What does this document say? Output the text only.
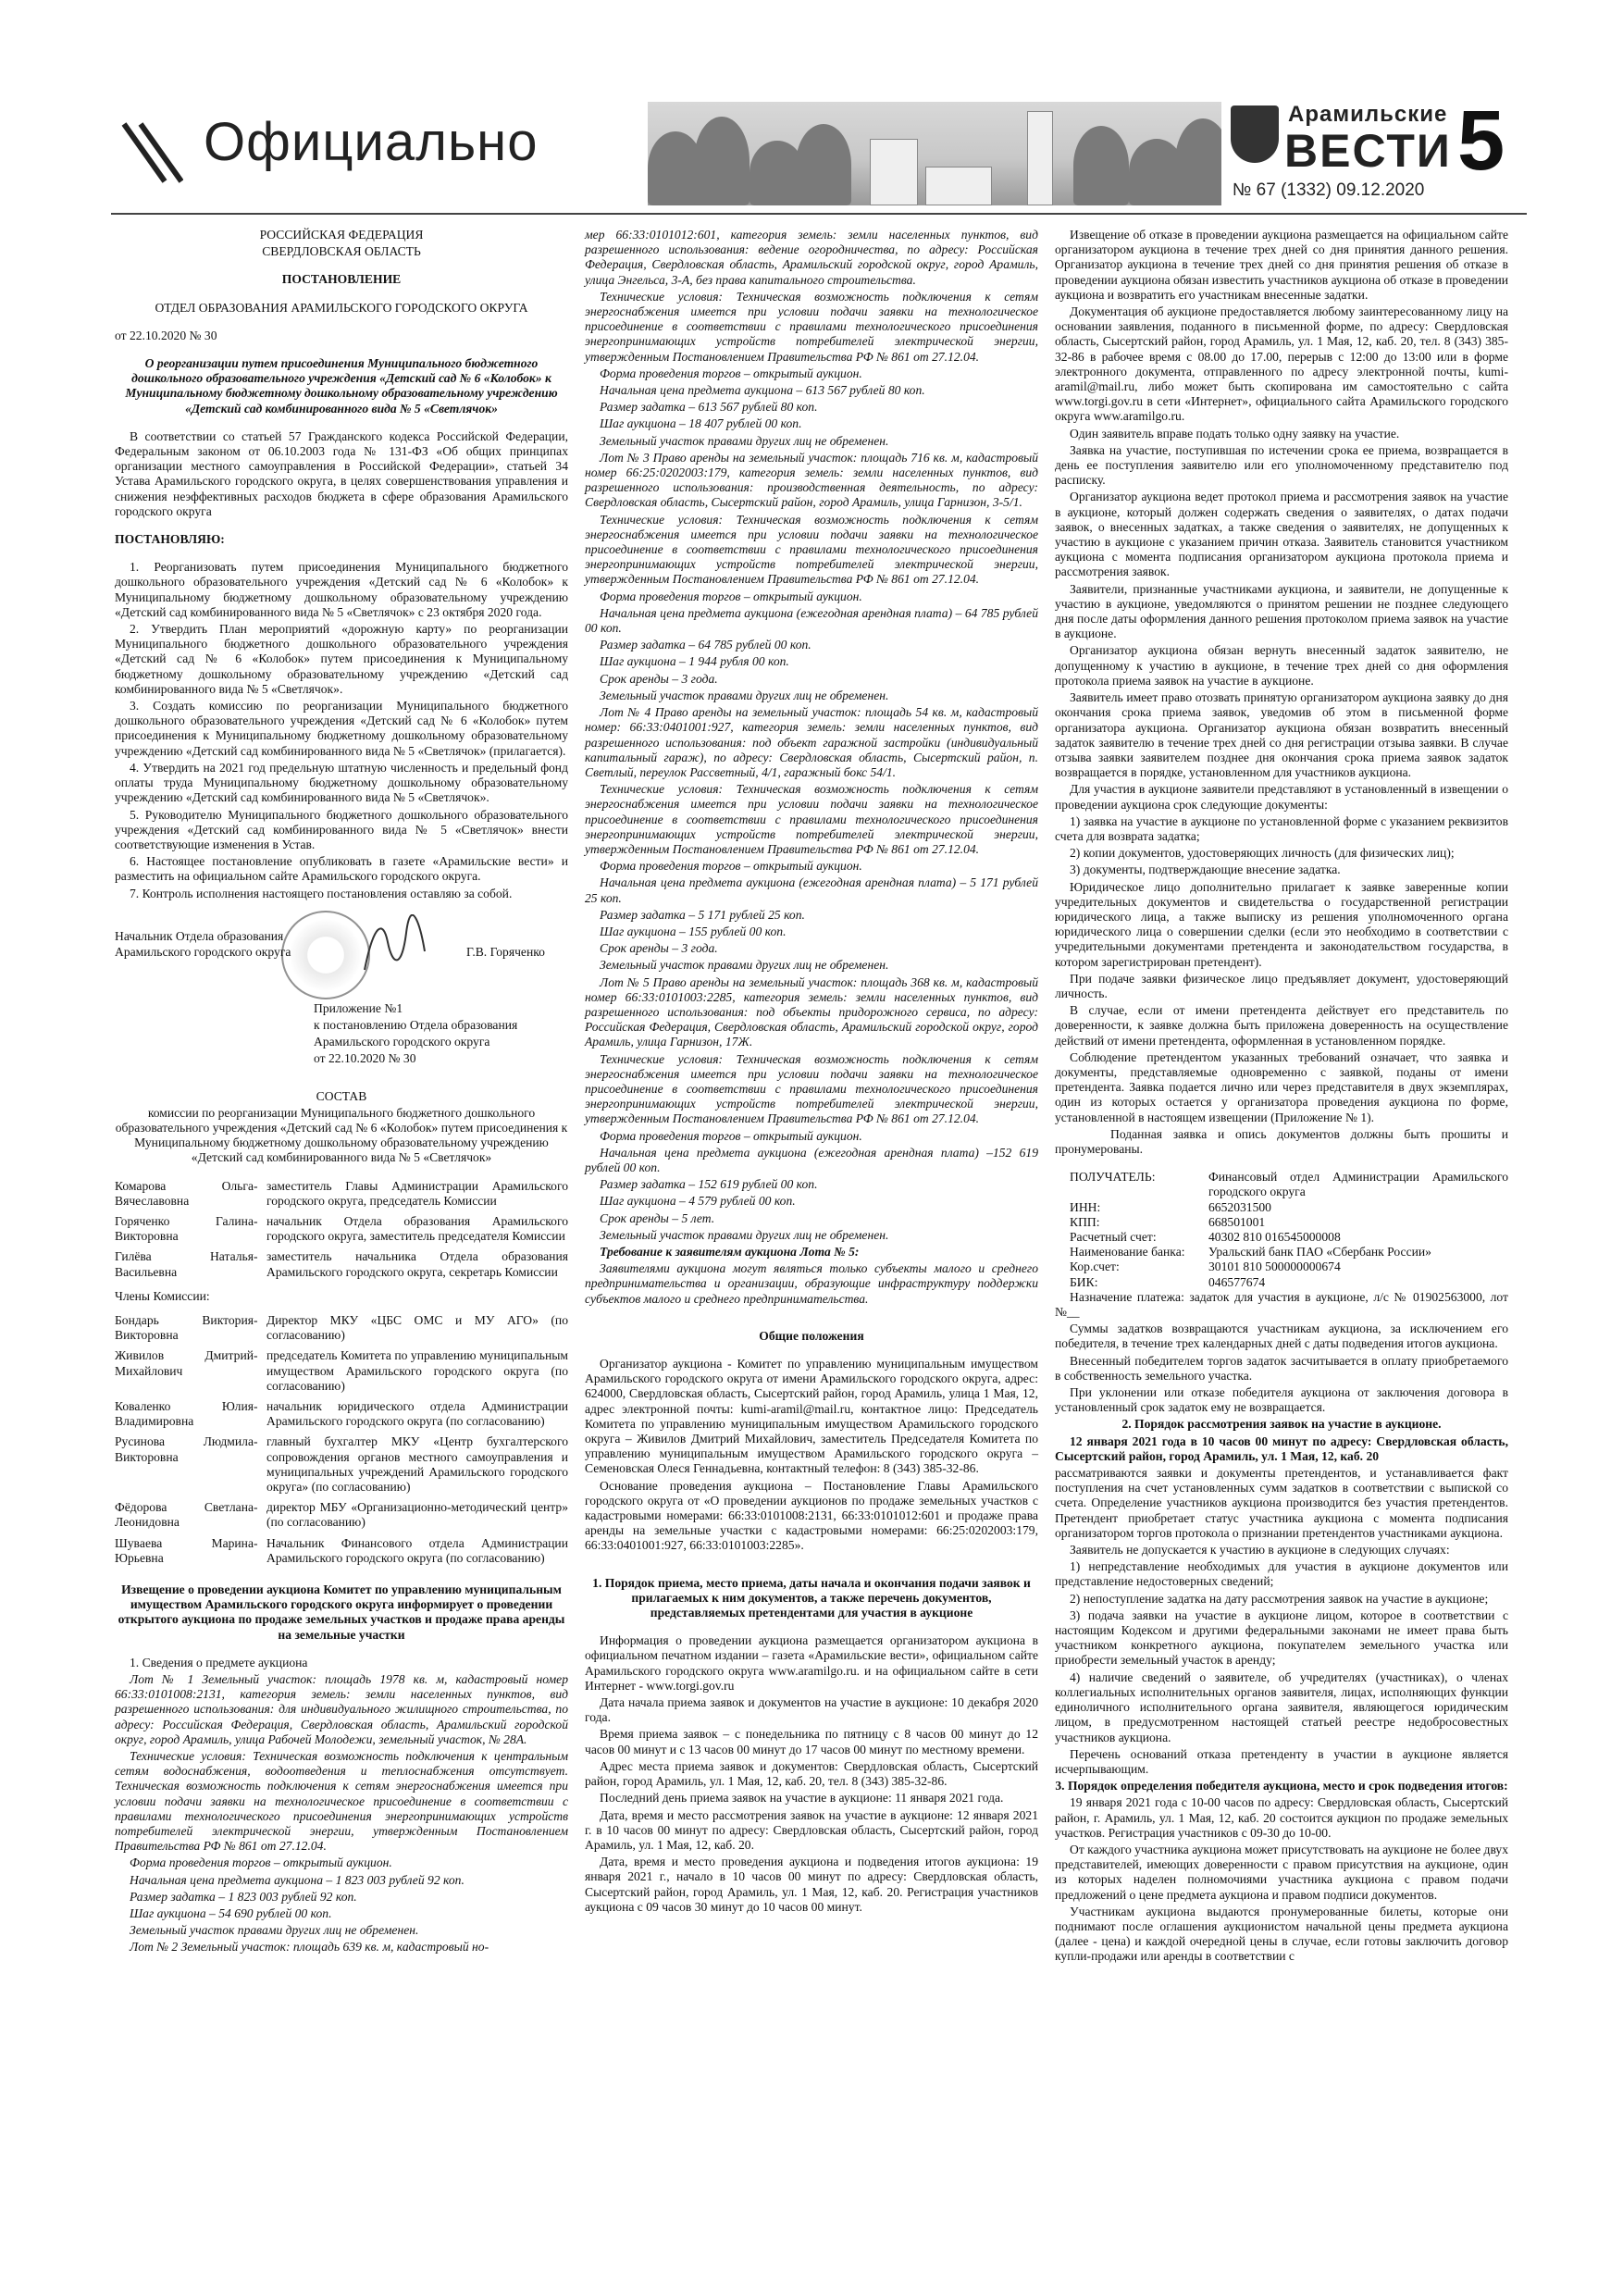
Официально	Арамильские
ВЕСТИ
№ 67 (1332) 09.12.2020
5

РОССИЙСКАЯ ФЕДЕРАЦИЯ

СВЕРДЛОВСКАЯ ОБЛАСТЬ

ПОСТАНОВЛЕНИЕ

ОТДЕЛ ОБРАЗОВАНИЯ АРАМИЛЬСКОГО ГОРОДСКОГО ОКРУГА

от 22.10.2020 № 30

О реорганизации путем присоединения Муниципального бюджетного дошкольного образовательного учреждения «Детский сад № 6 «Колобок» к Муниципальному бюджетному дошкольному образовательному учреждению «Детский сад комбинированного вида № 5 «Светлячок»

В соответствии со статьей 57 Гражданского кодекса Российской Федерации, Федеральным законом от 06.10.2003 года № 131-ФЗ «Об общих принципах организации местного самоуправления в Российской Федерации», статьей 34 Устава Арамильского городского округа, в целях совершенствования управления и снижения неэффективных расходов бюджета в сфере образования Арамильского городского округа

ПОСТАНОВЛЯЮ:

1. Реорганизовать путем присоединения Муниципального бюджетного дошкольного образовательного учреждения «Детский сад № 6 «Колобок» к Муниципальному бюджетному дошкольному образовательному учреждению «Детский сад комбинированного вида № 5 «Светлячок» с 23 октября 2020 года.

2. Утвердить План мероприятий «дорожную карту» по реорганизации Муниципального бюджетного дошкольного образовательного учреждения «Детский сад № 6 «Колобок» путем присоединения к Муниципальному бюджетному дошкольному образовательному учреждению «Детский сад комбинированного вида № 5 «Светлячок».

3. Создать комиссию по реорганизации Муниципального бюджетного дошкольного образовательного учреждения «Детский сад № 6 «Колобок» путем присоединения к Муниципальному бюджетному дошкольному образовательному учреждению «Детский сад комбинированного вида № 5 «Светлячок» (прилагается).

4. Утвердить на 2021 год предельную штатную численность и предельный фонд оплаты труда Муниципальному бюджетному дошкольному образовательному учреждению «Детский сад комбинированного вида № 5 «Светлячок».

5. Руководителю Муниципального бюджетного дошкольного образовательного учреждения «Детский сад комбинированного вида № 5 «Светлячок» внести соответствующие изменения в Устав.

6. Настоящее постановление опубликовать в газете «Арамильские вести» и разместить на официальном сайте Арамильского городского округа.

7. Контроль исполнения настоящего постановления оставляю за собой.

Начальник Отдела образования

Арамильского городского округа	Г.В. Горяченко

Приложение №1

к постановлению Отдела образования

Арамильского городского округа

от 22.10.2020 № 30

СОСТАВ

комиссии по реорганизации Муниципального бюджетного дошкольного образовательного учреждения «Детский сад № 6 «Колобок» путем присоединения к Муниципальному бюджетному дошкольному образовательному учреждению «Детский сад комбинированного вида № 5 «Светлячок»

Комарова Ольга Вячеславовна	-	заместитель Главы Администрации Арамильского городского округа, председатель Комиссии
Горяченко Галина Викторовна	-	начальник Отдела образования Арамильского городского округа, заместитель председателя Комиссии
Гилёва Наталья Васильевна	-	заместитель начальника Отдела образования Арамильского городского округа, секретарь Комиссии
Члены Комиссии:		
Бондарь Виктория Викторовна	-	Директор МКУ «ЦБС ОМС и МУ АГО» (по согласованию)
Живилов Дмитрий Михайлович	-	председатель Комитета по управлению муниципальным имуществом Арамильского городского округа (по согласованию)
Коваленко Юлия Владимировна	-	начальник юридического отдела Администрации Арамильского городского округа (по согласованию)
Русинова Людмила Викторовна	-	главный бухгалтер МКУ «Центр бухгалтерского сопровождения органов местного самоуправления и муниципальных учреждений Арамильского городского округа» (по согласованию)
Фёдорова Светлана Леонидовна	-	директор МБУ «Организационно-методический центр» (по согласованию)
Шувaeва Марина Юрьевна	-	Начальник Финансового отдела Администрации Арамильского городского округа (по согласованию)

Извещение о проведении аукциона Комитет по управлению муниципальным имуществом Арамильского городского округа информирует о проведении открытого аукциона по продаже земельных участков и продаже права аренды на земельные участки

1. Сведения о предмете аукциона

Лот № 1 Земельный участок: площадь 1978 кв. м, кадастровый номер 66:33:0101008:2131, категория земель: земли населенных пунктов, вид разрешенного использования: для индивидуального жилищного строительства, по адресу: Российская Федерация, Свердловская область, Арамильский городской округ, город Арамиль, улица Рабочей Молодежи, земельный участок, № 28А.

Технические условия: Техническая возможность подключения к центральным сетям водоснабжения, водоотведения и теплоснабжения отсутствует. Техническая возможность подключения к сетям энергоснабжения имеется при условии подачи заявки на технологическое присоединение в соответствии с правилами технологического присоединения энергопринимающих устройств потребителей электрической энергии, утвержденным Постановлением Правительства РФ № 861 от 27.12.04.

Форма проведения торгов – открытый аукцион.

Начальная цена предмета аукциона – 1 823 003 рублей 92 коп.

Размер задатка – 1 823 003 рублей 92 коп.

Шаг аукциона – 54 690 рублей 00 коп.

Земельный участок правами других лиц не обременен.

Лот № 2 Земельный участок: площадь 639 кв. м, кадастровый но-

мер 66:33:0101012:601, категория земель: земли населенных пунктов, вид разрешенного использования: ведение огородничества, по адресу: Российская Федерация, Свердловская область, Арамильский городской округ, город Арамиль, улица Энгельса, 3-А, без права капитального строительства.

Технические условия: Техническая возможность подключения к сетям энергоснабжения имеется при условии подачи заявки на технологическое присоединение в соответствии с правилами технологического присоединения энергопринимающих устройств потребителей электрической энергии, утвержденным Постановлением Правительства РФ № 861 от 27.12.04.

Форма проведения торгов – открытый аукцион.

Начальная цена предмета аукциона – 613 567 рублей 80 коп.

Размер задатка – 613 567 рублей 80 коп.

Шаг аукциона – 18 407 рублей 00 коп.

Земельный участок правами других лиц не обременен.

Лот № 3 Право аренды на земельный участок: площадь 716 кв. м, кадастровый номер 66:25:0202003:179, категория земель: земли населенных пунктов, вид разрешенного использования: производственная деятельность, по адресу: Свердловская область, Сысертский район, город Арамиль, улица Гарнизон, 3-5/1.

Технические условия: Техническая возможность подключения к сетям энергоснабжения имеется при условии подачи заявки на технологическое присоединение в соответствии с правилами технологического присоединения энергопринимающих устройств потребителей электрической энергии, утвержденным Постановлением Правительства РФ № 861 от 27.12.04.

Форма проведения торгов – открытый аукцион.

Начальная цена предмета аукциона (ежегодная арендная плата) – 64 785 рублей 00 коп.

Размер задатка – 64 785 рублей 00 коп.

Шаг аукциона – 1 944 рубля 00 коп.

Срок аренды – 3 года.

Земельный участок правами других лиц не обременен.

Лот № 4 Право аренды на земельный участок: площадь 54 кв. м, кадастровый номер: 66:33:0401001:927, категория земель: земли населенных пунктов, вид разрешенного использования: под объект гаражной застройки (индивидуальный капитальный гараж), по адресу: Свердловская область, Сысертский район, п. Светлый, переулок Рассветный, 4/1, гаражный бокс 54/1.

Технические условия: Техническая возможность подключения к сетям энергоснабжения имеется при условии подачи заявки на технологическое присоединение в соответствии с правилами технологического присоединения энергопринимающих устройств потребителей электрической энергии, утвержденным Постановлением Правительства РФ № 861 от 27.12.04.

Форма проведения торгов – открытый аукцион.

Начальная цена предмета аукциона (ежегодная арендная плата) – 5 171 рублей 25 коп.

Размер задатка – 5 171 рублей 25 коп.

Шаг аукциона – 155 рублей 00 коп.

Срок аренды – 3 года.

Земельный участок правами других лиц не обременен.

Лот № 5 Право аренды на земельный участок: площадь 368 кв. м, кадастровый номер 66:33:0101003:2285, категория земель: земли населенных пунктов, вид разрешенного использования: под объекты придорожного сервиса, по адресу: Российская Федерация, Свердловская область, Арамильский городской округ, город Арамиль, улица Гарнизон, 17Ж.

Технические условия: Техническая возможность подключения к сетям энергоснабжения имеется при условии подачи заявки на технологическое присоединение в соответствии с правилами технологического присоединения энергопринимающих устройств потребителей электрической энергии, утвержденным Постановлением Правительства РФ № 861 от 27.12.04.

Форма проведения торгов – открытый аукцион.

Начальная цена предмета аукциона (ежегодная арендная плата) –152 619 рублей 00 коп.

Размер задатка – 152 619 рублей 00 коп.

Шаг аукциона – 4 579 рублей 00 коп.

Срок аренды – 5 лет.

Земельный участок правами других лиц не обременен.

Требование к заявителям аукциона Лота № 5:

Заявителями аукциона могут являться только субъекты малого и среднего предпринимательства и организации, образующие инфраструктуру поддержки субъектов малого и среднего предпринимательства.

Общие положения

Организатор аукциона - Комитет по управлению муниципальным имуществом Арамильского городского округа от имени Арамильского городского округа, адрес: 624000, Свердловская область, Сысертский район, город Арамиль, улица 1 Мая, 12, адрес электронной почты: kumi-aramil@mail.ru, контактное лицо: Председатель Комитета по управлению муниципальным имуществом Арамильского городского округа – Живилов Дмитрий Михайлович, заместитель Председателя Комитета по управлению муниципальным имуществом Арамильского городского округа – Семеновская Олеся Геннадьевна, контактный телефон: 8 (343) 385-32-86.

Основание проведения аукциона – Постановление Главы Арамильского городского округа от «О проведении аукционов по продаже земельных участков с кадастровыми номерами: 66:33:0101008:2131, 66:33:0101012:601 и продаже права аренды на земельные участки с кадастровыми номерами: 66:25:0202003:179, 66:33:0401001:927, 66:33:0101003:2285».

1. Порядок приема, место приема, даты начала и окончания подачи заявок и прилагаемых к ним документов, а также перечень документов, представляемых претендентами для участия в аукционе

Информация о проведении аукциона размещается организатором аукциона в официальном печатном издании – газета «Арамильские вести», официальном сайте Арамильского городского округа www.aramilgo.ru. и на официальном сайте в сети Интернет - www.torgi.gov.ru

Дата начала приема заявок и документов на участие в аукционе: 10 декабря 2020 года.

Время приема заявок – с понедельника по пятницу с 8 часов 00 минут до 12 часов 00 минут и с 13 часов 00 минут до 17 часов 00 минут по местному времени.

Адрес места приема заявок и документов: Свердловская область, Сысертский район, город Арамиль, ул. 1 Мая, 12, каб. 20, тел. 8 (343) 385-32-86.

Последний день приема заявок на участие в аукционе: 11 января 2021 года.

Дата, время и место рассмотрения заявок на участие в аукционе: 12 января 2021 г. в 10 часов 00 минут по адресу: Свердловская область, Сысертский район, город Арамиль, ул. 1 Мая, 12, каб. 20.

Дата, время и место проведения аукциона и подведения итогов аукциона: 19 января 2021 г., начало в 10 часов 00 минут по адресу: Свердловская область, Сысертский район, город Арамиль, ул. 1 Мая, 12, каб. 20. Регистрация участников аукциона с 09 часов 30 минут до 10 часов 00 минут.

Извещение об отказе в проведении аукциона размещается на официальном сайте организатором аукциона в течение трех дней со дня принятия данного решения. Организатор аукциона в течение трех дней со дня принятия решения об отказе в проведении аукциона обязан известить участников аукциона об отказе в проведении аукциона и возвратить его участникам внесенные задатки.

Документация об аукционе предоставляется любому заинтересованному лицу на основании заявления, поданного в письменной форме, по адресу: Свердловская область, Сысертский район, город Арамиль, ул. 1 Мая, 12, каб. 20, тел. 8 (343) 385-32-86 в рабочее время с 08.00 до 17.00, перерыв с 12:00 до 13:00 или в форме электронного документа, отправленного по адресу электронной почты, kumi-aramil@mail.ru, либо может быть скопирована им самостоятельно с сайта www.torgi.gov.ru в сети «Интернет», официального сайта Арамильского городского округа www.aramilgo.ru.

Один заявитель вправе подать только одну заявку на участие.

Заявка на участие, поступившая по истечении срока ее приема, возвращается в день ее поступления заявителю или его уполномоченному представителю под расписку.

Организатор аукциона ведет протокол приема и рассмотрения заявок на участие в аукционе, который должен содержать сведения о заявителях, о датах подачи заявок, о внесенных задатках, а также сведения о заявителях, не допущенных к участию в аукционе с указанием причин отказа. Заявитель становится участником аукциона с момента подписания организатором аукциона протокола приема и рассмотрения заявок.

Заявители, признанные участниками аукциона, и заявители, не допущенные к участию в аукционе, уведомляются о принятом решении не позднее следующего дня после даты оформления данного решения протоколом приема заявок на участие в аукционе.

Организатор аукциона обязан вернуть внесенный задаток заявителю, не допущенному к участию в аукционе, в течение трех дней со дня оформления протокола приема заявок на участие в аукционе.

Заявитель имеет право отозвать принятую организатором аукциона заявку до дня окончания срока приема заявок, уведомив об этом в письменной форме организатора аукциона. Организатор аукциона обязан возвратить внесенный задаток заявителю в течение трех дней со дня регистрации отзыва заявки. В случае отзыва заявки заявителем позднее дня окончания срока приема заявок задаток возвращается в порядке, установленном для участников аукциона.

Для участия в аукционе заявители представляют в установленный в извещении о проведении аукциона срок следующие документы:

1) заявка на участие в аукционе по установленной форме с указанием реквизитов счета для возврата задатка;

2) копии документов, удостоверяющих личность (для физических лиц);

3) документы, подтверждающие внесение задатка.

Юридическое лицо дополнительно прилагает к заявке заверенные копии учредительных документов и свидетельства о государственной регистрации юридического лица, а также выписку из решения уполномоченного органа юридического лица о совершении сделки (если это необходимо в соответствии с учредительными документами претендента и законодательством государства, в котором зарегистрирован претендент).

При подаче заявки физическое лицо предъявляет документ, удостоверяющий личность.

В случае, если от имени претендента действует его представитель по доверенности, к заявке должна быть приложена доверенность на осуществление действий от имени претендента, оформленная в установленном порядке.

Соблюдение претендентом указанных требований означает, что заявка и документы, представляемые одновременно с заявкой, поданы от имени претендента. Заявка подается лично или через представителя в двух экземплярах, один из которых остается у организатора проведения аукциона по форме, установленной в настоящем извещении (Приложение № 1).

Поданная заявка и опись документов должны быть прошиты и пронумерованы.

ПОЛУЧАТЕЛЬ:	Финансовый отдел Администрации Арамильского городского округа
ИНН:	6652031500
КПП:	668501001
Расчетный счет:	40302 810 016545000008
Наименование банка:	Уральский банк ПАО «Сбербанк России»
Кор.счет:	30101 810 500000000674
БИК:	046577674

Назначение платежа: задаток для участия в аукционе, л/с № 01902563000, лот №__

Суммы задатков возвращаются участникам аукциона, за исключением его победителя, в течение трех календарных дней с даты подведения итогов аукциона.

Внесенный победителем торгов задаток засчитывается в оплату приобретаемого в собственность земельного участка.

При уклонении или отказе победителя аукциона от заключения договора в установленный срок задаток ему не возвращается.

2. Порядок рассмотрения заявок на участие в аукционе.

12 января 2021 года в 10 часов 00 минут по адресу: Свердловская область, Сысертский район, город Арамиль, ул. 1 Мая, 12, каб. 20

рассматриваются заявки и документы претендентов, и устанавливается факт поступления на счет установленных сумм задатков в соответствии с выпиской со счета. Определение участников аукциона производится без участия претендентов. Претендент приобретает статус участника аукциона с момента подписания организатором торгов протокола о признании претендентов участниками аукциона.

Заявитель не допускается к участию в аукционе в следующих случаях:

1) непредставление необходимых для участия в аукционе документов или представление недостоверных сведений;

2) непоступление задатка на дату рассмотрения заявок на участие в аукционе;

3) подача заявки на участие в аукционе лицом, которое в соответствии с настоящим Кодексом и другими федеральными законами не имеет права быть участником конкретного аукциона, покупателем земельного участка или приобрести земельный участок в аренду;

4) наличие сведений о заявителе, об учредителях (участниках), о членах коллегиальных исполнительных органов заявителя, лицах, исполняющих функции единоличного исполнительного органа заявителя, являющегося юридическим лицом, в предусмотренном настоящей статьей реестре недобросовестных участников аукциона.

Перечень оснований отказа претенденту в участии в аукционе является исчерпывающим.

3. Порядок определения победителя аукциона, место и срок подведения итогов:

19 января 2021 года с 10-00 часов по адресу: Свердловская область, Сысертский район, г. Арамиль, ул. 1 Мая, 12, каб. 20 состоится аукцион по продаже земельных участков. Регистрация участников с 09-30 до 10-00.

От каждого участника аукциона может присутствовать на аукционе не более двух представителей, имеющих доверенности с правом присутствия на аукционе, один из которых наделен полномочиями участника аукциона с правом подачи предложений о цене предмета аукциона и правом подписи документов.

Участникам аукциона выдаются пронумерованные билеты, которые они поднимают после оглашения аукционистом начальной цены предмета аукциона (далее - цена) и каждой очередной цены в случае, если готовы заключить договор купли-продажи или аренды в соответствии с
